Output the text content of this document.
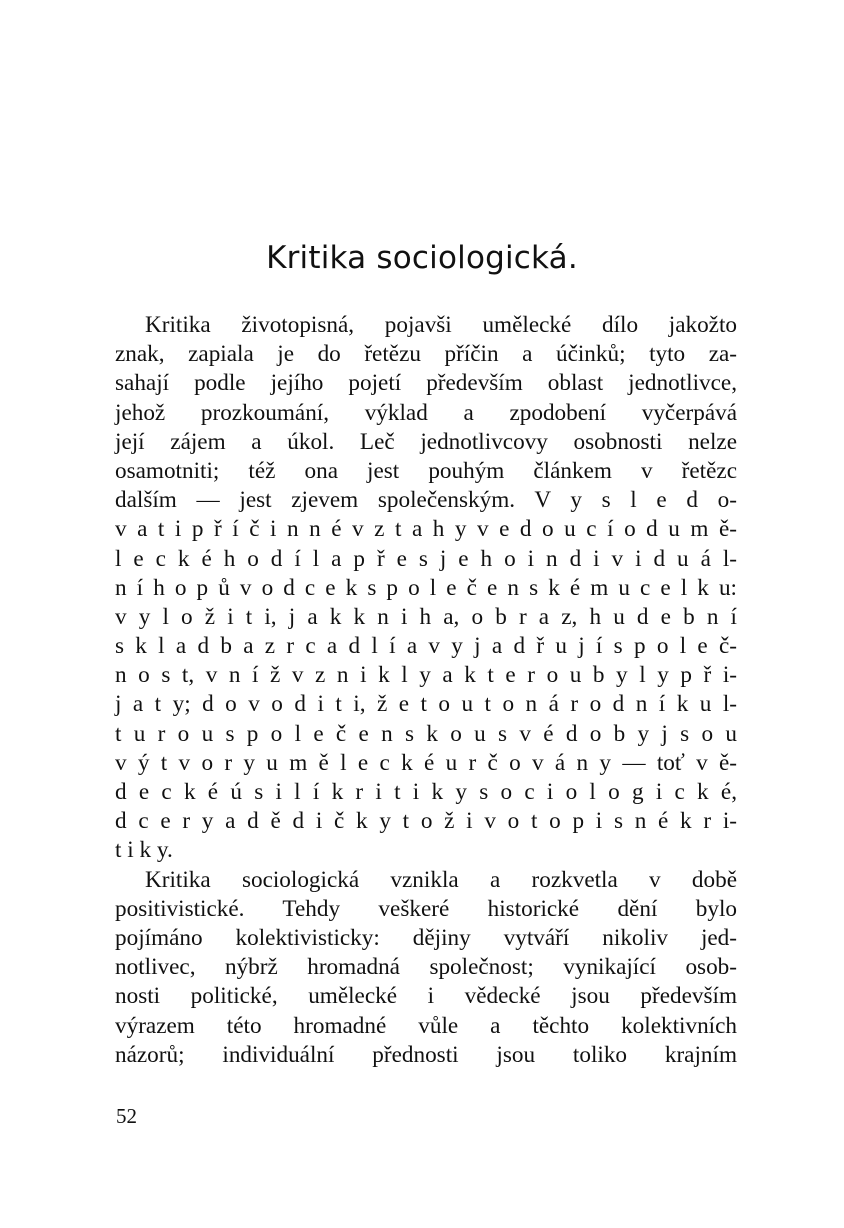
Kritika sociologická.
Kritika životopisná, pojavši umělecké dílo jakožto
znak, zapiala je do řetězu příčin a účinků; tyto za-
sahají podle jejího pojetí především oblast jednotlivce,
jehož prozkoumání, výklad a zpodobení vyčerpává
její zájem a úkol. Leč jednotlivcovy osobnosti nelze
osamotniti; též ona jest pouhým článkem v řetězc
dalším — jest zjevem společenským. V y s l e d o-
v a t i p ř í č i n n é v z t a h y v e d o u c í o d u m ě-
l e c k é h o d í l a p ř e s j e h o i n d i v i d u á l-
n í h o p ů v o d c e k s p o l e č e n s k é m u c e l k u:
v y l o ž i t i, j a k k n i h a, o b r a z, h u d e b n í
s k l a d b a z r c a d l í a v y j a d ř u j í s p o l e č-
n o s t, v n í ž v z n i k l y a k t e r o u b y l y p ř i-
j a t y; d o v o d i t i, ž e t o u t o n á r o d n í k u l-
t u r o u s p o l e č e n s k o u s v é d o b y j s o u
v ý t v o r y u m ě l e c k é u r č o v á n y — toť v ě-
d e c k é ú s i l í k r i t i k y s o c i o l o g i c k é,
d c e r y a d ě d i č k y t o ž i v o t o p i s n é k r i-
t i k y.
Kritika sociologická vznikla a rozkvetla v době
positivistické. Tehdy veškeré historické dění bylo
pojímáno kolektivisticky: dějiny vytváří nikoliv jed-
notlivec, nýbrž hromadná společnost; vynikající osob-
nosti politické, umělecké i vědecké jsou především
výrazem této hromadné vůle a těchto kolektivních
názorů; individuální přednosti jsou toliko krajním
52
